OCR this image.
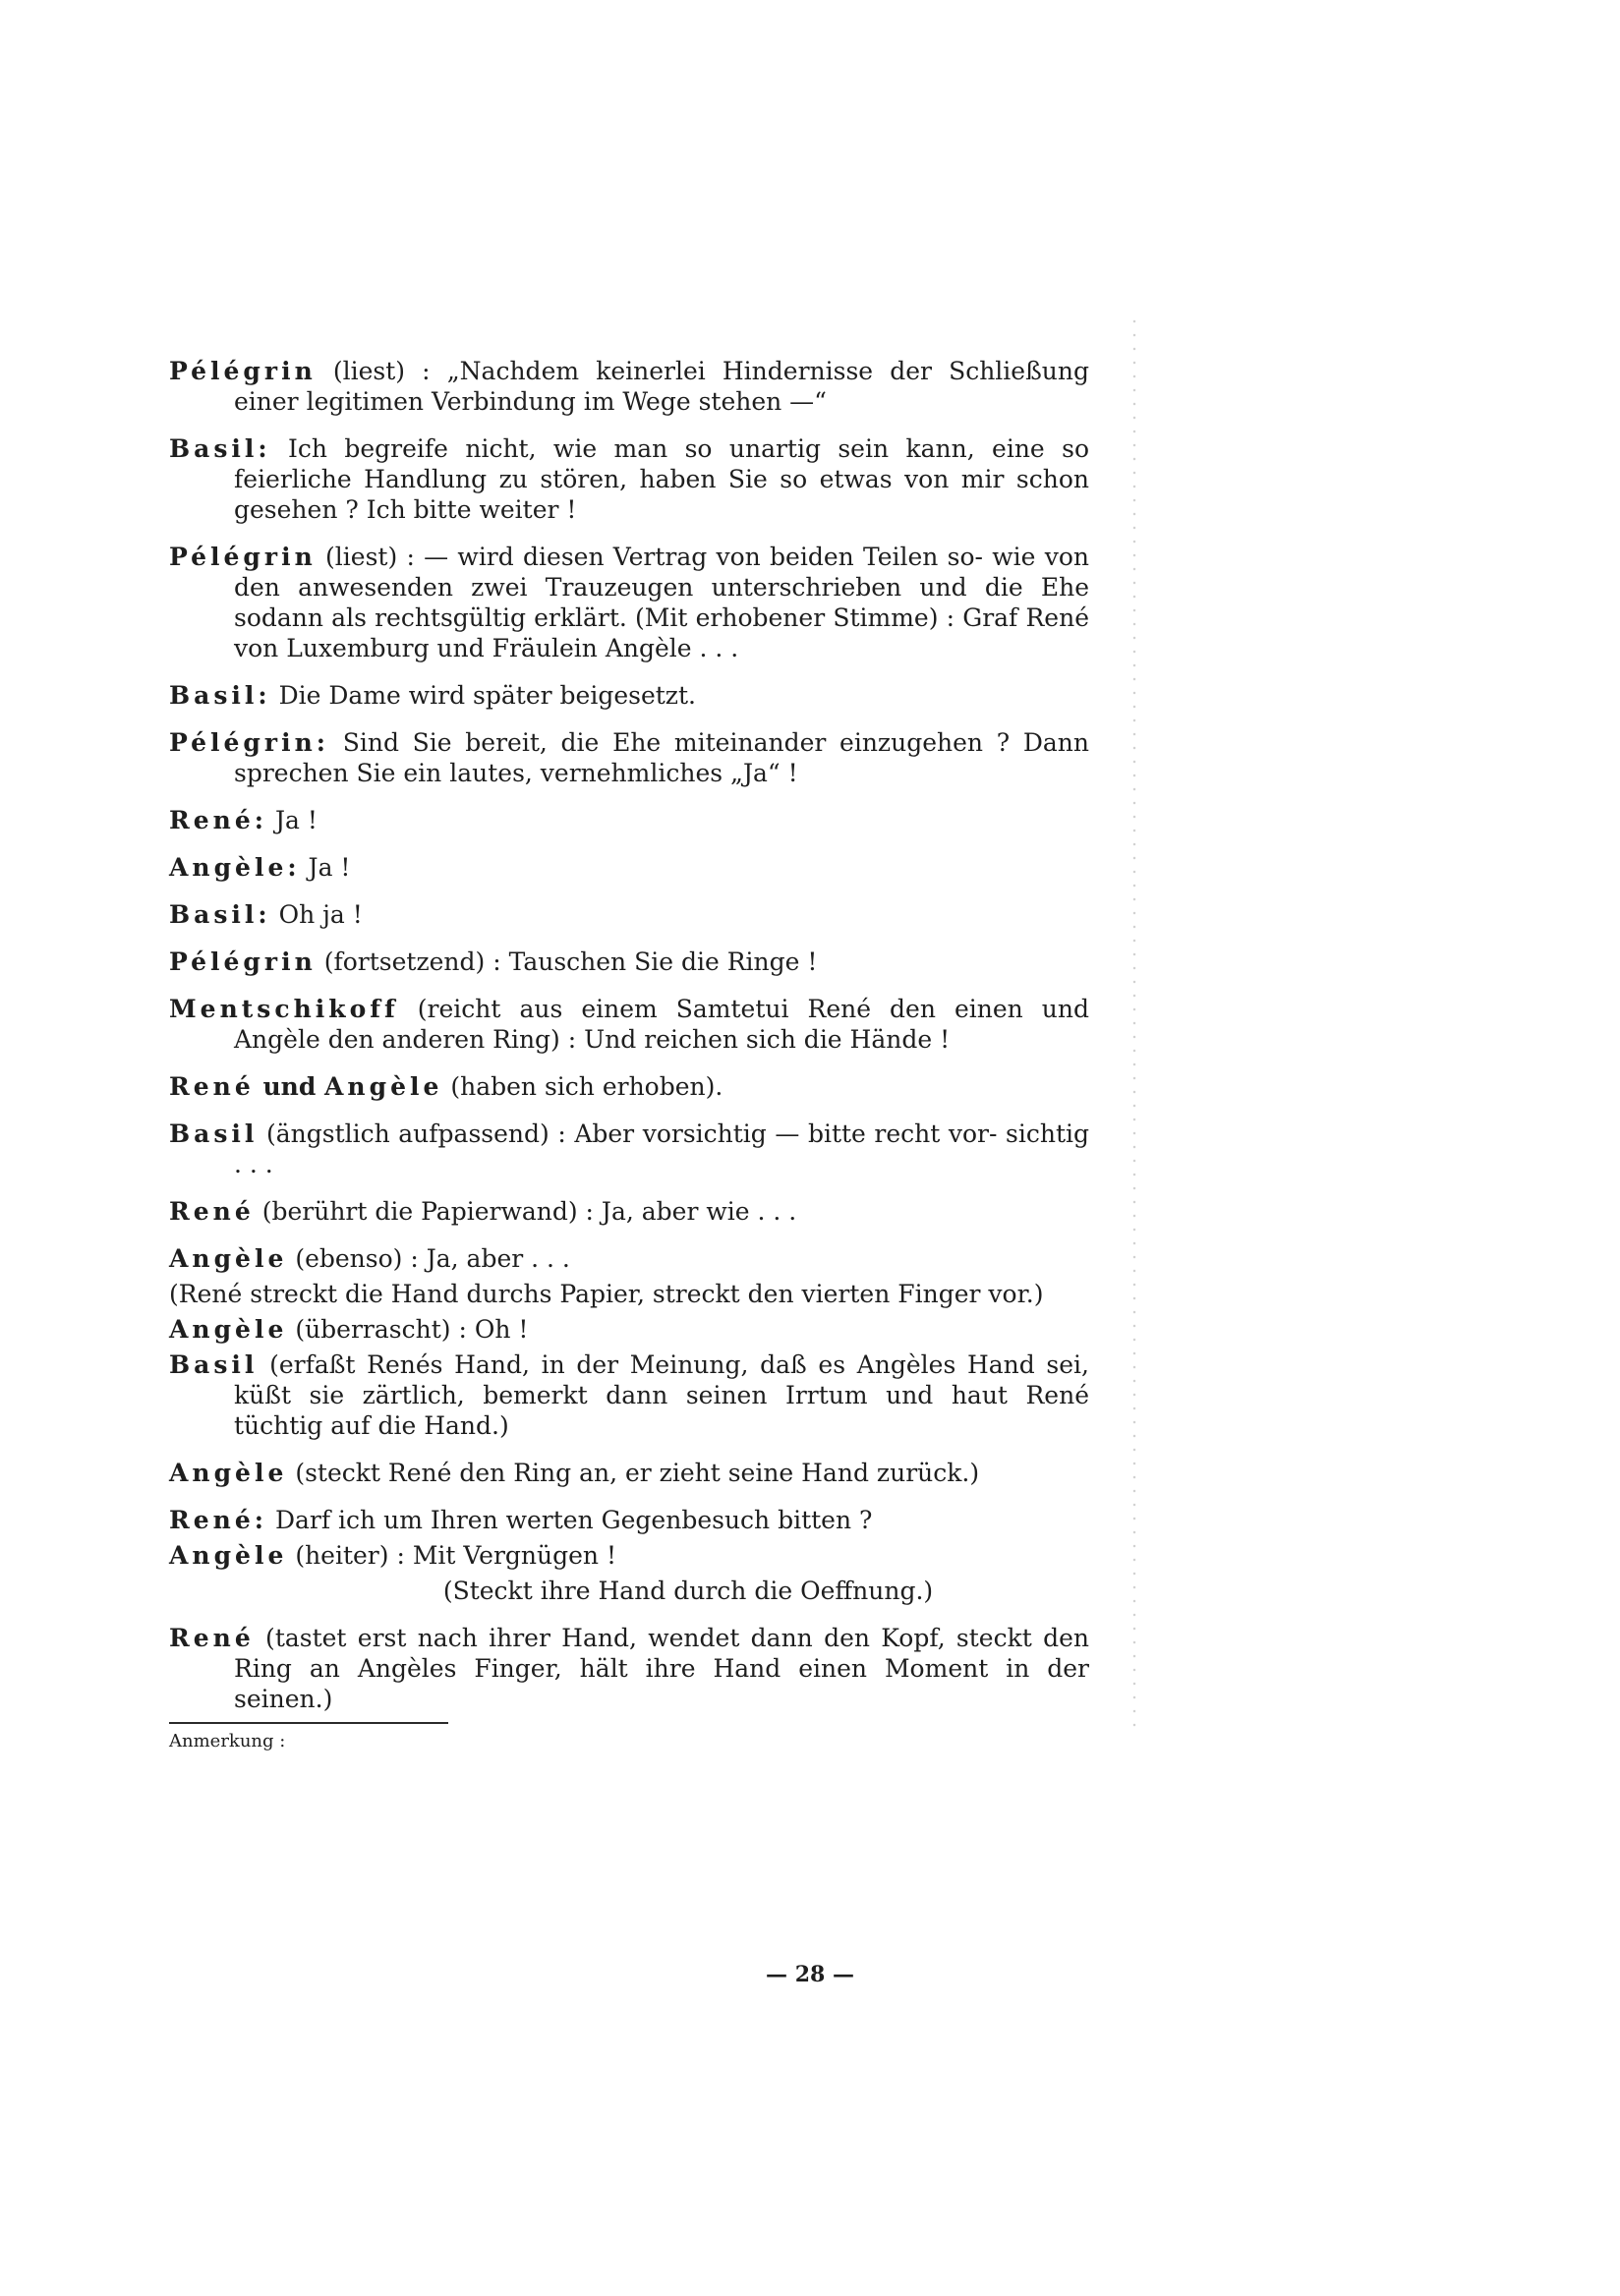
Pélégrin (liest) : „Nachdem keinerlei Hindernisse der Schließung einer legitimen Verbindung im Wege stehen —“

Basil: Ich begreife nicht, wie man so unartig sein kann, eine so feierliche Handlung zu stören, haben Sie so etwas von mir schon gesehen ? Ich bitte weiter !

Pélégrin (liest) : — wird diesen Vertrag von beiden Teilen so- wie von den anwesenden zwei Trauzeugen unterschrieben und die Ehe sodann als rechtsgültig erklärt. (Mit erhobener Stimme) : Graf René von Luxemburg und Fräulein Angèle . . .

Basil: Die Dame wird später beigesetzt.

Pélégrin: Sind Sie bereit, die Ehe miteinander einzugehen ? Dann sprechen Sie ein lautes, vernehmliches „Ja“ !

René: Ja !

Angèle: Ja !

Basil: Oh ja !

Pélégrin (fortsetzend) : Tauschen Sie die Ringe !

Mentschikoff (reicht aus einem Samtetui René den einen und Angèle den anderen Ring) : Und reichen sich die Hände !

René und Angèle (haben sich erhoben).

Basil (ängstlich aufpassend) : Aber vorsichtig — bitte recht vor- sichtig . . .

René (berührt die Papierwand) : Ja, aber wie . . .

Angèle (ebenso) : Ja, aber . . .

(René streckt die Hand durchs Papier, streckt den vierten Finger vor.)

Angèle (überrascht) : Oh !

Basil (erfaßt Renés Hand, in der Meinung, daß es Angèles Hand sei, küßt sie zärtlich, bemerkt dann seinen Irrtum und haut René tüchtig auf die Hand.)

Angèle (steckt René den Ring an, er zieht seine Hand zurück.)

René: Darf ich um Ihren werten Gegenbesuch bitten ?

Angèle (heiter) : Mit Vergnügen !

(Steckt ihre Hand durch die Oeffnung.)

René (tastet erst nach ihrer Hand, wendet dann den Kopf, steckt den Ring an Angèles Finger, hält ihre Hand einen Moment in der seinen.)

Anmerkung :
— 28 —
